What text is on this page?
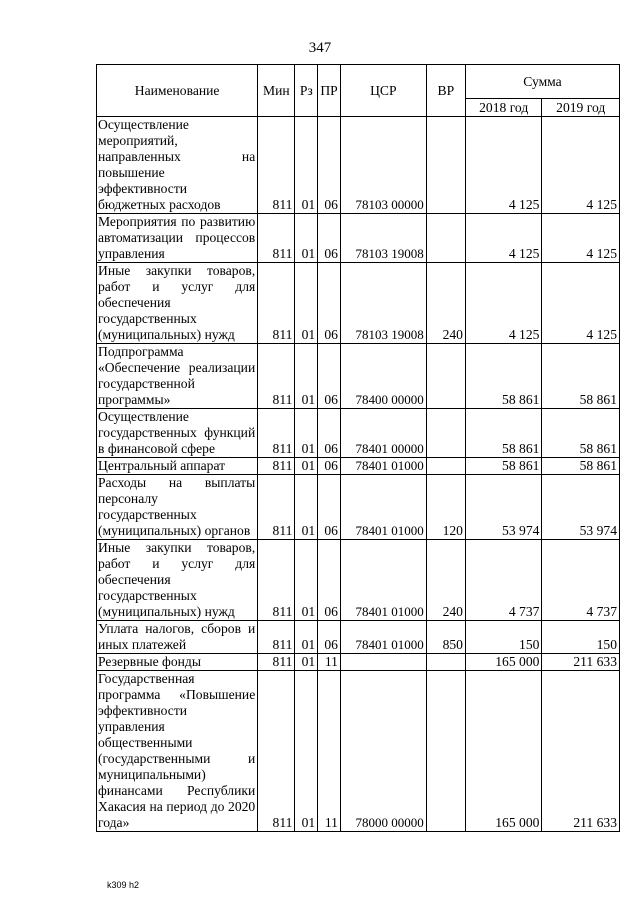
347
Наименование	Мин	Рз	ПР	ЦСР	ВР	Сумма	
						2018 год	2019 год
Осуществление мероприятий, направленных на повышение эффективности бюджетных расходов	811	01	06	78103 00000		4 125	4 125
Мероприятия по развитию автоматизации процессов управления	811	01	06	78103 19008		4 125	4 125
Иные закупки товаров, работ и услуг для обеспечения государственных (муниципальных) нужд	811	01	06	78103 19008	240	4 125	4 125
Подпрограмма «Обеспечение реализации государственной программы»	811	01	06	78400 00000		58 861	58 861
Осуществление государственных функций в финансовой сфере	811	01	06	78401 00000		58 861	58 861
Центральный аппарат	811	01	06	78401 01000		58 861	58 861
Расходы на выплаты персоналу государственных (муниципальных) органов	811	01	06	78401 01000	120	53 974	53 974
Иные закупки товаров, работ и услуг для обеспечения государственных (муниципальных) нужд	811	01	06	78401 01000	240	4 737	4 737
Уплата налогов, сборов и иных платежей	811	01	06	78401 01000	850	150	150
Резервные фонды	811	01	11			165 000	211 633
Государственная программа «Повышение эффективности управления общественными (государственными и муниципальными) финансами Республики Хакасия на период до 2020 года»	811	01	11	78000 00000		165 000	211 633
k309 h2
